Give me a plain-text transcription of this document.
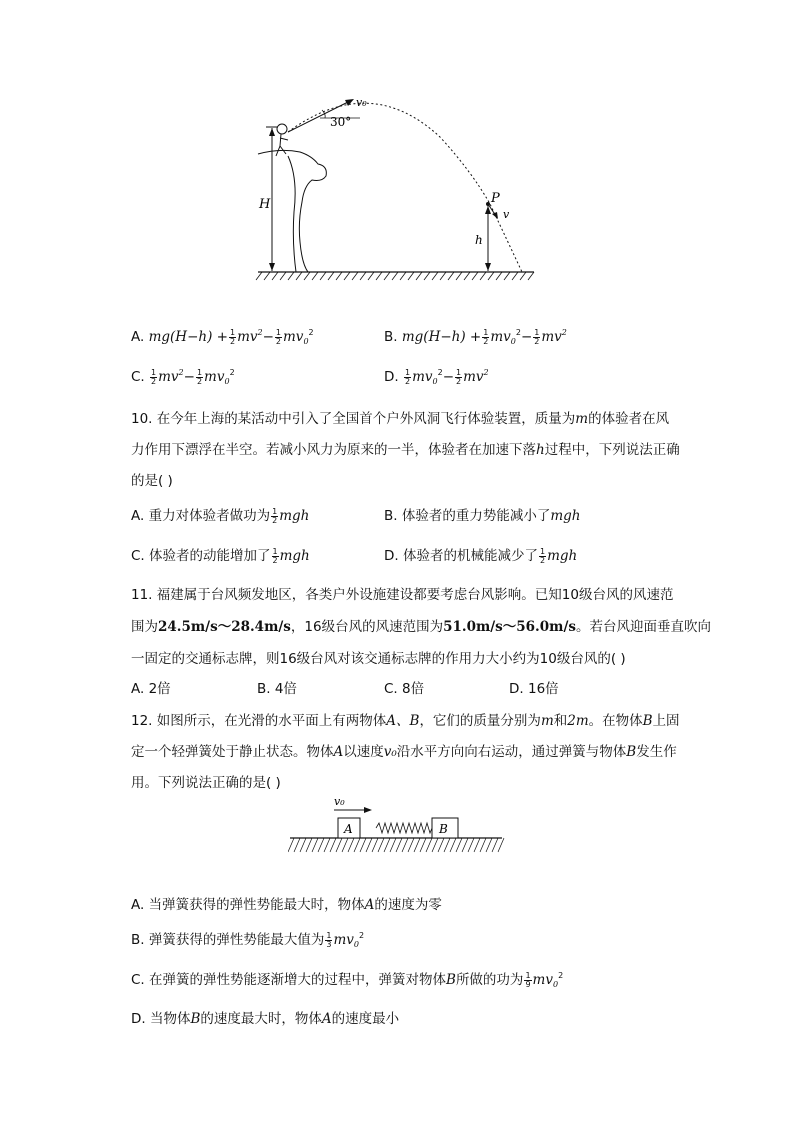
v₀
30°
H
h
P
v
A. $mg(H-h) + \frac{1}{2} mv^2- \frac{1}{2} mv_0^2$	B. $mg(H-h) + \frac{1}{2} mv_0^2- \frac{1}{2} mv^2$
C. $\frac{1}{2} mv^2- \frac{1}{2} mv_0^2$	D. $\frac{1}{2} mv_0^2- \frac{1}{2} mv^2$
10. 在今年上海的某活动中引入了全国首个户外风洞飞行体验装置，质量为m的体验者在风
力作用下漂浮在半空。若减小风力为原来的一半，体验者在加速下落h过程中，下列说法正确
的是( )
A. 重力对体验者做功为 $\frac{1}{2}$ mgh	B. 体验者的重力势能减小了mgh
C. 体验者的动能增加了 $\frac{1}{2}$ mgh	D. 体验者的机械能减少了 $\frac{1}{2}$ mgh
11. 福建属于台风频发地区，各类户外设施建设都要考虑台风影响。已知10级台风的风速范
围为24.5m/s～28.4m/s，16级台风的风速范围为51.0m/s～56.0m/s。若台风迎面垂直吹向
一固定的交通标志牌，则16级台风对该交通标志牌的作用力大小约为10级台风的( )
A. 2倍	B. 4倍	C. 8倍	D. 16倍
12. 如图所示，在光滑的水平面上有两物体A、B，它们的质量分别为m和2m。在物体B上固
定一个轻弹簧处于静止状态。物体A以速度v₀沿水平方向向右运动，通过弹簧与物体B发生作
用。下列说法正确的是( )
v₀
A	B
A. 当弹簧获得的弹性势能最大时，物体A的速度为零
B. 弹簧获得的弹性势能最大值为 $\frac{1}{3} mv_0^2$
C. 在弹簧的弹性势能逐渐增大的过程中，弹簧对物体B所做的功为 $\frac{1}{9} mv_0^2$
D. 当物体B的速度最大时，物体A的速度最小
